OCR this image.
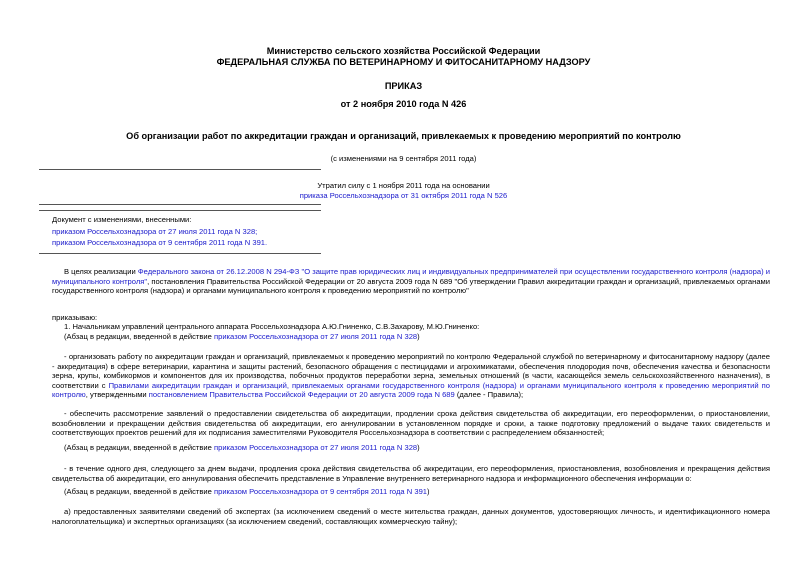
Министерство сельского хозяйства Российской Федерации
ФЕДЕРАЛЬНАЯ СЛУЖБА ПО ВЕТЕРИНАРНОМУ И ФИТОСАНИТАРНОМУ НАДЗОРУ
ПРИКАЗ
от 2 ноября 2010 года N 426
Об организации работ по аккредитации граждан и организаций, привлекаемых к проведению мероприятий по контролю
(с изменениями на 9 сентября 2011 года)
Утратил силу с 1 ноября 2011 года на основании
приказа Россельхознадзора от 31 октября 2011 года N 526
Документ с изменениями, внесенными:
приказом Россельхознадзора от 27 июля 2011 года N 328;
приказом Россельхознадзора от 9 сентября 2011 года N 391.
В целях реализации Федерального закона от 26.12.2008 N 294-ФЗ "О защите прав юридических лиц и индивидуальных предпринимателей при осуществлении государственного контроля (надзора) и муниципального контроля", постановления Правительства Российской Федерации от 20 августа 2009 года N 689 "Об утверждении Правил аккредитации граждан и организаций, привлекаемых органами государственного контроля (надзора) и органами муниципального контроля к проведению мероприятий по контролю"
приказываю:
1. Начальникам управлений центрального аппарата Россельхознадзора А.Ю.Гниненко, С.В.Захарову, М.Ю.Гниненко:
(Абзац в редакции, введенной в действие приказом Россельхознадзора от 27 июля 2011 года N 328)
- организовать работу по аккредитации граждан и организаций, привлекаемых к проведению мероприятий по контролю Федеральной службой по ветеринарному и фитосанитарному надзору (далее - аккредитация) в сфере ветеринарии, карантина и защиты растений, безопасного обращения с пестицидами и агрохимикатами, обеспечения плодородия почв, обеспечения качества и безопасности зерна, крупы, комбикормов и компонентов для их производства, побочных продуктов переработки зерна, земельных отношений (в части, касающейся земель сельскохозяйственного назначения), в соответствии с Правилами аккредитации граждан и организаций, привлекаемых органами государственного контроля (надзора) и органами муниципального контроля к проведению мероприятий по контролю, утвержденными постановлением Правительства Российской Федерации от 20 августа 2009 года N 689 (далее - Правила);
- обеспечить рассмотрение заявлений о предоставлении свидетельства об аккредитации, продлении срока действия свидетельства об аккредитации, его переоформлении, о приостановлении, возобновлении и прекращении действия свидетельства об аккредитации, его аннулировании в установленном порядке и сроки, а также подготовку предложений о выдаче таких свидетельств и соответствующих проектов решений для их подписания заместителями Руководителя Россельхознадзора в соответствии с распределением обязанностей;
(Абзац в редакции, введенной в действие приказом Россельхознадзора от 27 июля 2011 года N 328)
- в течение одного дня, следующего за днем выдачи, продления срока действия свидетельства об аккредитации, его переоформления, приостановления, возобновления и прекращения действия свидетельства об аккредитации, его аннулирования обеспечить представление в Управление внутреннего ветеринарного надзора и информационного обеспечения информации о:
(Абзац в редакции, введенной в действие приказом Россельхознадзора от 9 сентября 2011 года N 391)
а) предоставленных заявителями сведений об экспертах (за исключением сведений о месте жительства граждан, данных документов, удостоверяющих личность, и идентификационного номера налогоплательщика) и экспертных организациях (за исключением сведений, составляющих коммерческую тайну);
